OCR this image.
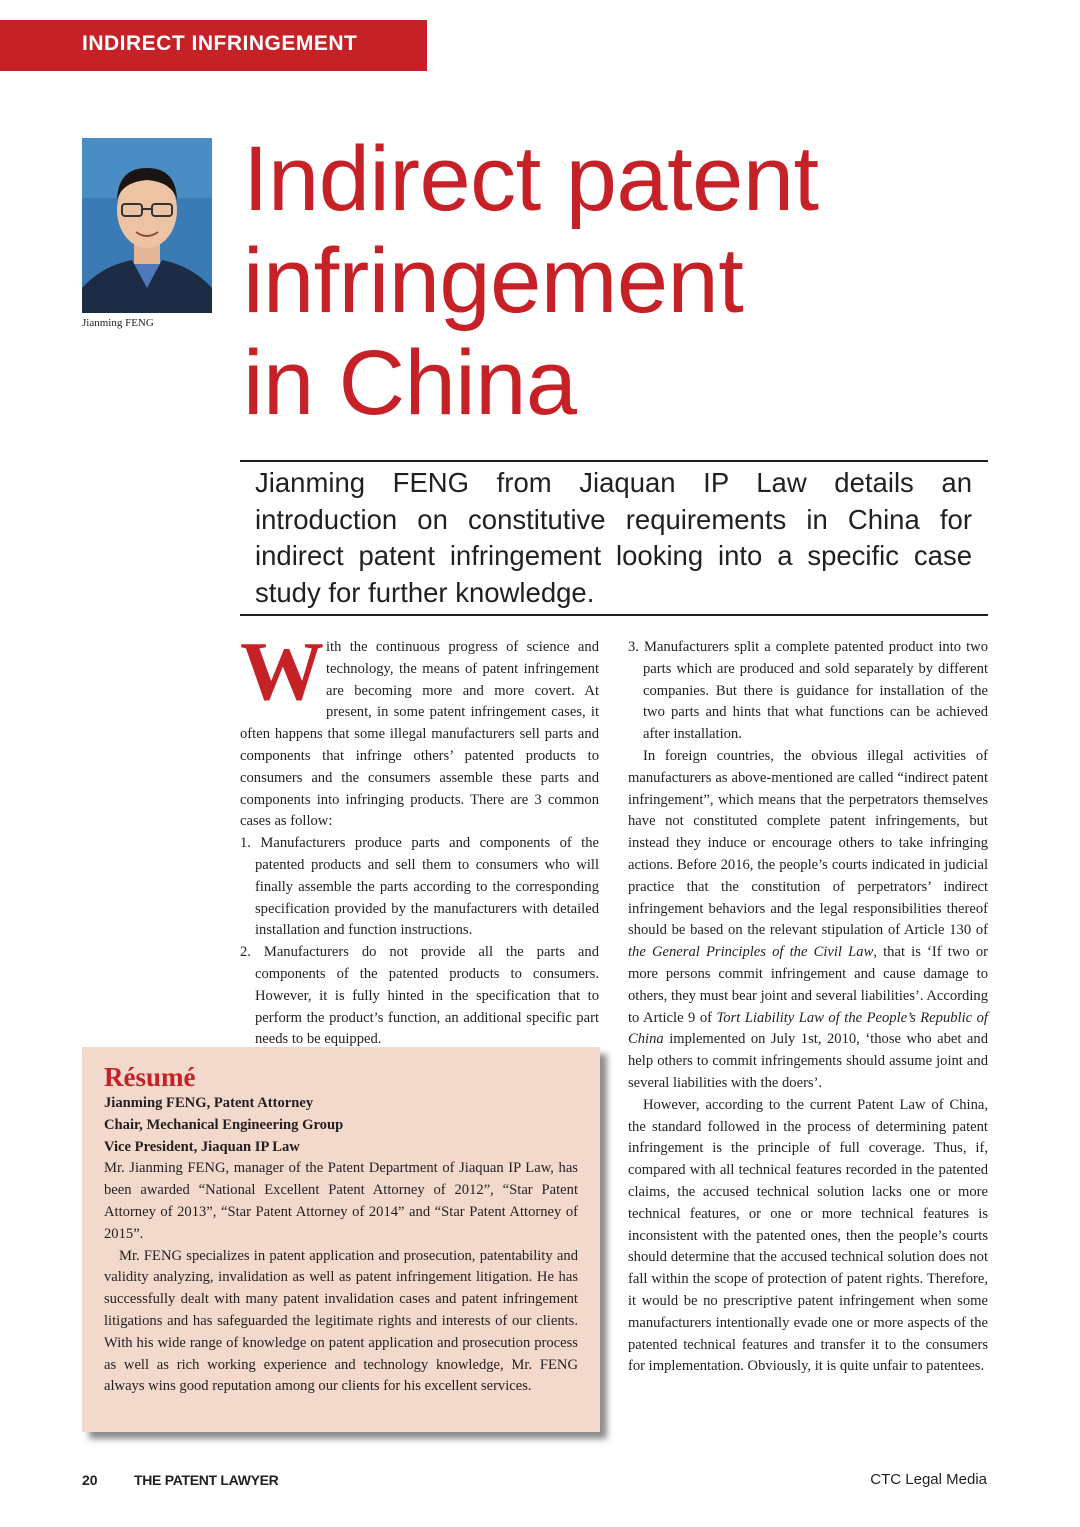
INDIRECT INFRINGEMENT
Jianming FENG
Indirect patent
infringement
in China

Jianming FENG from Jiaquan IP Law details an introduction on constitutive requirements in China for indirect patent infringement looking into a specific case study for further knowledge.

With the continuous progress of science and technology, the means of patent infringement are becoming more and more covert. At present, in some patent infringement cases, it often happens that some illegal manufacturers sell parts and components that infringe others’ patented products to consumers and the consumers assemble these parts and components into infringing products. There are 3 common cases as follow:

1. Manufacturers produce parts and components of the patented products and sell them to consumers who will finally assemble the parts according to the corresponding specification provided by the manufacturers with detailed installation and function instructions.

2. Manufacturers do not provide all the parts and components of the patented products to consumers. However, it is fully hinted in the specification that to perform the product’s function, an additional specific part needs to be equipped.

3. Manufacturers split a complete patented product into two parts which are produced and sold separately by different companies. But there is guidance for installation of the two parts and hints that what functions can be achieved after installation.

In foreign countries, the obvious illegal activities of manufacturers as above-mentioned are called “indirect patent infringement”, which means that the perpetrators themselves have not constituted complete patent infringements, but instead they induce or encourage others to take infringing actions. Before 2016, the people’s courts indicated in judicial practice that the constitution of perpetrators’ indirect infringement behaviors and the legal responsibilities thereof should be based on the relevant stipulation of Article 130 of the General Principles of the Civil Law, that is ‘If two or more persons commit infringement and cause damage to others, they must bear joint and several liabilities’. According to Article 9 of Tort Liability Law of the People’s Republic of China implemented on July 1st, 2010, ‘those who abet and help others to commit infringements should assume joint and several liabilities with the doers’.

However, according to the current Patent Law of China, the standard followed in the process of determining patent infringement is the principle of full coverage. Thus, if, compared with all technical features recorded in the patented claims, the accused technical solution lacks one or more technical features, or one or more technical features is inconsistent with the patented ones, then the people’s courts should determine that the accused technical solution does not fall within the scope of protection of patent rights. Therefore, it would be no prescriptive patent infringement when some manufacturers intentionally evade one or more aspects of the patented technical features and transfer it to the consumers for implementation. Obviously, it is quite unfair to patentees.

Résumé
Jianming FENG, Patent Attorney
Chair, Mechanical Engineering Group
Vice President, Jiaquan IP Law

Mr. Jianming FENG, manager of the Patent Department of Jiaquan IP Law, has been awarded “National Excellent Patent Attorney of 2012”, “Star Patent Attorney of 2013”, “Star Patent Attorney of 2014” and “Star Patent Attorney of 2015”.

Mr. FENG specializes in patent application and prosecution, patentability and validity analyzing, invalidation as well as patent infringement litigation. He has successfully dealt with many patent invalidation cases and patent infringement litigations and has safeguarded the legitimate rights and interests of our clients. With his wide range of knowledge on patent application and prosecution process as well as rich working experience and technology knowledge, Mr. FENG always wins good reputation among our clients for his excellent services.

20	THE PATENT LAWYER	CTC Legal Media
